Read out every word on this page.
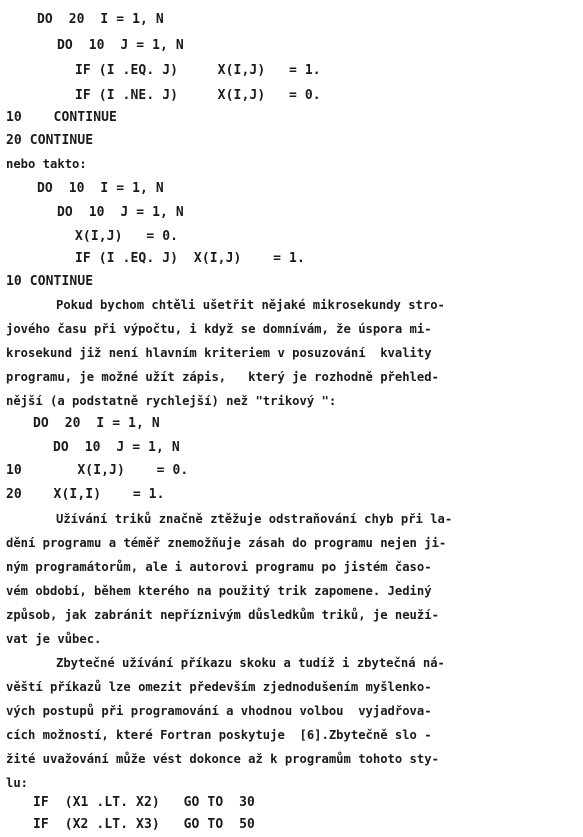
DO  20  I = 1, N
DO  10  J = 1, N
IF (I .EQ. J)     X(I,J)   = 1.
IF (I .NE. J)     X(I,J)   = 0.
10    CONTINUE
20 CONTINUE
nebo takto:
DO  10  I = 1, N
DO  10  J = 1, N
X(I,J)   = 0.
IF (I .EQ. J)  X(I,J)    = 1.
10 CONTINUE
Pokud bychom chtěli ušetřit nějaké mikrosekundy stro-
jového času při výpočtu, i když se domnívám, že úspora mi-
krosekund již není hlavním kriteriem v posuzování  kvality
programu, je možné užít zápis,   který je rozhodně přehled-
nější (a podstatně rychlejší) než "trikový ":
DO  20  I = 1, N
DO  10  J = 1, N
10       X(I,J)    = 0.
20    X(I,I)    = 1.
Užívání triků značně ztěžuje odstraňování chyb při la-
dění programu a téměř znemožňuje zásah do programu nejen ji-
ným programátorům, ale i autorovi programu po jistém časo-
vém období, během kterého na použitý trik zapomene. Jediný
způsob, jak zabránit nepříznivým důsledkům triků, je neuží-
vat je vůbec.
Zbytečné užívání příkazu skoku a tudíž i zbytečná ná-
věští příkazů lze omezit především zjednodušením myšlenko-
vých postupů při programování a vhodnou volbou  vyjadřova-
cích možností, které Fortran poskytuje  [6].Zbytečně slo -
žité uvažování může vést dokonce až k programům tohoto sty-
lu:
IF  (X1 .LT. X2)   GO TO  30
IF  (X2 .LT. X3)   GO TO  50
